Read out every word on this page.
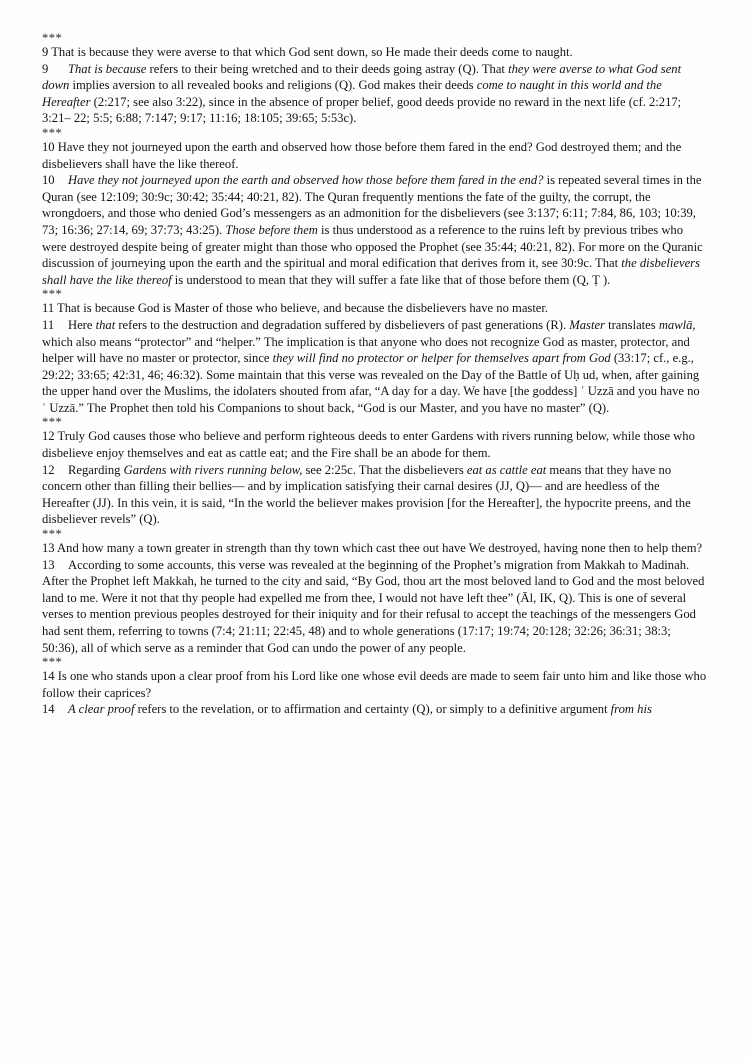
***

9 That is because they were averse to that which God sent down, so He made their deeds come to naught.

9 That is because refers to their being wretched and to their deeds going astray (Q). That they were averse to what God sent down implies aversion to all revealed books and religions (Q). God makes their deeds come to naught in this world and the Hereafter (2:217; see also 3:22), since in the absence of proper belief, good deeds provide no reward in the next life (cf. 2:217; 3:21– 22; 5:5; 6:88; 7:147; 9:17; 11:16; 18:105; 39:65; 5:53c).

***

10 Have they not journeyed upon the earth and observed how those before them fared in the end? God destroyed them; and the disbelievers shall have the like thereof.

10 Have they not journeyed upon the earth and observed how those before them fared in the end? is repeated several times in the Quran (see 12:109; 30:9c; 30:42; 35:44; 40:21, 82). The Quran frequently mentions the fate of the guilty, the corrupt, the wrongdoers, and those who denied God’s messengers as an admonition for the disbelievers (see 3:137; 6:11; 7:84, 86, 103; 10:39, 73; 16:36; 27:14, 69; 37:73; 43:25). Those before them is thus understood as a reference to the ruins left by previous tribes who were destroyed despite being of greater might than those who opposed the Prophet (see 35:44; 40:21, 82). For more on the Quranic discussion of journeying upon the earth and the spiritual and moral edification that derives from it, see 30:9c. That the disbelievers shall have the like thereof is understood to mean that they will suffer a fate like that of those before them (Q, Ṭ ).

***

11 That is because God is Master of those who believe, and because the disbelievers have no master.

11 Here that refers to the destruction and degradation suffered by disbelievers of past generations (R). Master translates mawlā, which also means “protector” and “helper.” The implication is that anyone who does not recognize God as master, protector, and helper will have no master or protector, since they will find no protector or helper for themselves apart from God (33:17; cf., e.g., 29:22; 33:65; 42:31, 46; 46:32). Some maintain that this verse was revealed on the Day of the Battle of Uḥ ud, when, after gaining the upper hand over the Muslims, the idolaters shouted from afar, “A day for a day. We have [the goddess] ʿ Uzzā and you have no ʿ Uzzā.” The Prophet then told his Companions to shout back, “God is our Master, and you have no master” (Q).

***

12 Truly God causes those who believe and perform righteous deeds to enter Gardens with rivers running below, while those who disbelieve enjoy themselves and eat as cattle eat; and the Fire shall be an abode for them.

12 Regarding Gardens with rivers running below, see 2:25c. That the disbelievers eat as cattle eat means that they have no concern other than filling their bellies— and by implication satisfying their carnal desires (JJ, Q)— and are heedless of the Hereafter (JJ). In this vein, it is said, “In the world the believer makes provision [for the Hereafter], the hypocrite preens, and the disbeliever revels” (Q).

***

13 And how many a town greater in strength than thy town which cast thee out have We destroyed, having none then to help them?

13 According to some accounts, this verse was revealed at the beginning of the Prophet’s migration from Makkah to Madinah. After the Prophet left Makkah, he turned to the city and said, “By God, thou art the most beloved land to God and the most beloved land to me. Were it not that thy people had expelled me from thee, I would not have left thee” (Āl, IK, Q). This is one of several verses to mention previous peoples destroyed for their iniquity and for their refusal to accept the teachings of the messengers God had sent them, referring to towns (7:4; 21:11; 22:45, 48) and to whole generations (17:17; 19:74; 20:128; 32:26; 36:31; 38:3; 50:36), all of which serve as a reminder that God can undo the power of any people.

***

14 Is one who stands upon a clear proof from his Lord like one whose evil deeds are made to seem fair unto him and like those who follow their caprices?

14 A clear proof refers to the revelation, or to affirmation and certainty (Q), or simply to a definitive argument from his
